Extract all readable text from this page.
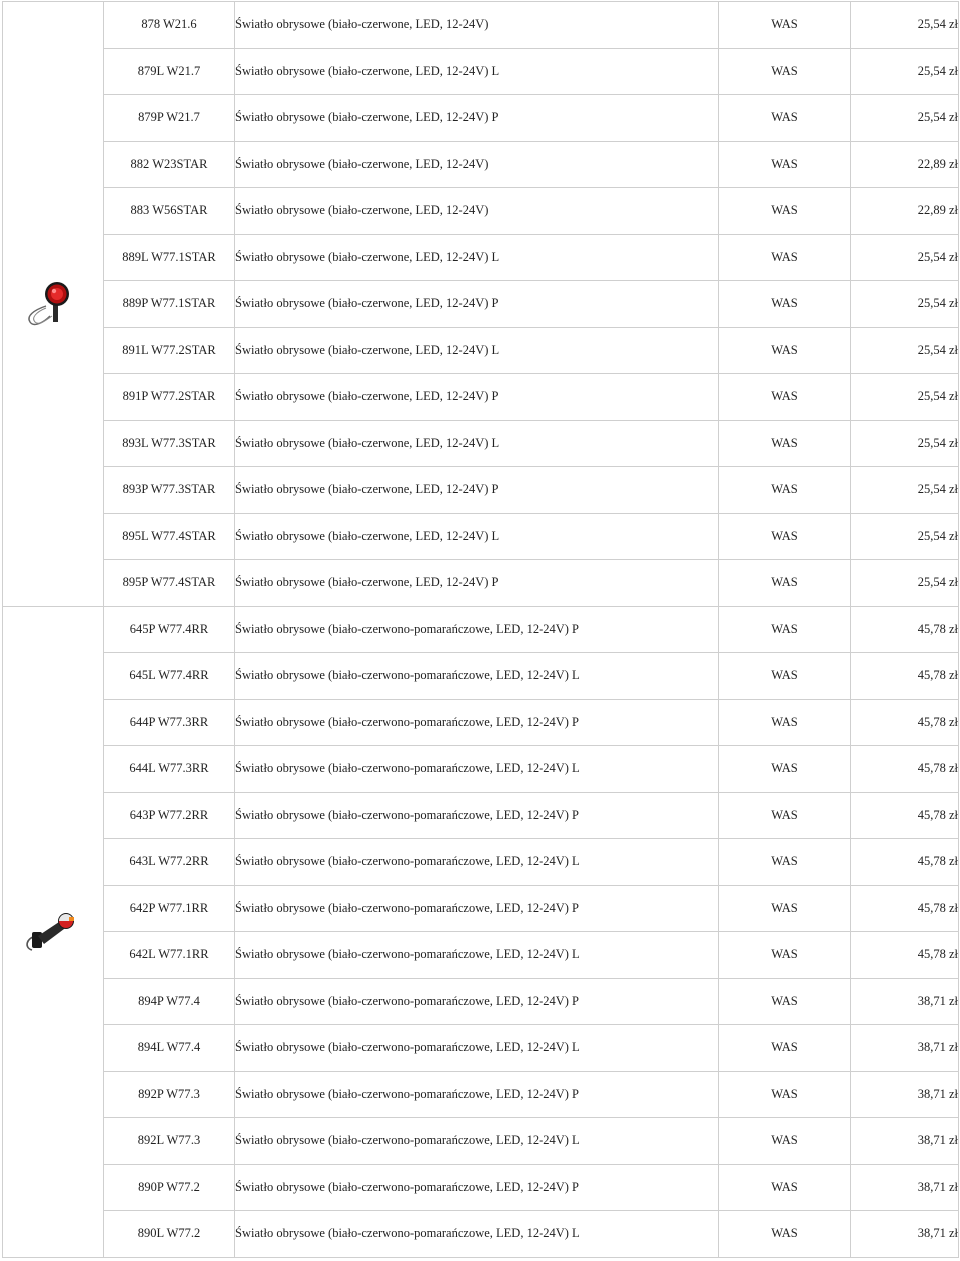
	878 W21.6	Światło obrysowe (biało-czerwone, LED, 12-24V)	WAS	25,54 zł
	879L W21.7	Światło obrysowe (biało-czerwone, LED, 12-24V) L	WAS	25,54 zł
	879P W21.7	Światło obrysowe (biało-czerwone, LED, 12-24V) P	WAS	25,54 zł
	882 W23STAR	Światło obrysowe (biało-czerwone, LED, 12-24V)	WAS	22,89 zł
	883 W56STAR	Światło obrysowe (biało-czerwone, LED, 12-24V)	WAS	22,89 zł
	889L W77.1STAR	Światło obrysowe (biało-czerwone, LED, 12-24V) L	WAS	25,54 zł
	889P W77.1STAR	Światło obrysowe (biało-czerwone, LED, 12-24V) P	WAS	25,54 zł
	891L W77.2STAR	Światło obrysowe (biało-czerwone, LED, 12-24V) L	WAS	25,54 zł
	891P W77.2STAR	Światło obrysowe (biało-czerwone, LED, 12-24V) P	WAS	25,54 zł
	893L W77.3STAR	Światło obrysowe (biało-czerwone, LED, 12-24V) L	WAS	25,54 zł
	893P W77.3STAR	Światło obrysowe (biało-czerwone, LED, 12-24V) P	WAS	25,54 zł
	895L W77.4STAR	Światło obrysowe (biało-czerwone, LED, 12-24V) L	WAS	25,54 zł
	895P W77.4STAR	Światło obrysowe (biało-czerwone, LED, 12-24V) P	WAS	25,54 zł

	645P W77.4RR	Światło obrysowe (biało-czerwono-pomarańczowe, LED, 12-24V) P	WAS	45,78 zł
	645L W77.4RR	Światło obrysowe (biało-czerwono-pomarańczowe, LED, 12-24V) L	WAS	45,78 zł
	644P W77.3RR	Światło obrysowe (biało-czerwono-pomarańczowe, LED, 12-24V) P	WAS	45,78 zł
	644L W77.3RR	Światło obrysowe (biało-czerwono-pomarańczowe, LED, 12-24V) L	WAS	45,78 zł
	643P W77.2RR	Światło obrysowe (biało-czerwono-pomarańczowe, LED, 12-24V) P	WAS	45,78 zł
	643L W77.2RR	Światło obrysowe (biało-czerwono-pomarańczowe, LED, 12-24V) L	WAS	45,78 zł
	642P W77.1RR	Światło obrysowe (biało-czerwono-pomarańczowe, LED, 12-24V) P	WAS	45,78 zł
	642L W77.1RR	Światło obrysowe (biało-czerwono-pomarańczowe, LED, 12-24V) L	WAS	45,78 zł
	894P W77.4	Światło obrysowe (biało-czerwono-pomarańczowe, LED, 12-24V) P	WAS	38,71 zł
	894L W77.4	Światło obrysowe (biało-czerwono-pomarańczowe, LED, 12-24V) L	WAS	38,71 zł
	892P W77.3	Światło obrysowe (biało-czerwono-pomarańczowe, LED, 12-24V) P	WAS	38,71 zł
	892L W77.3	Światło obrysowe (biało-czerwono-pomarańczowe, LED, 12-24V) L	WAS	38,71 zł
	890P W77.2	Światło obrysowe (biało-czerwono-pomarańczowe, LED, 12-24V) P	WAS	38,71 zł
	890L W77.2	Światło obrysowe (biało-czerwono-pomarańczowe, LED, 12-24V) L	WAS	38,71 zł
